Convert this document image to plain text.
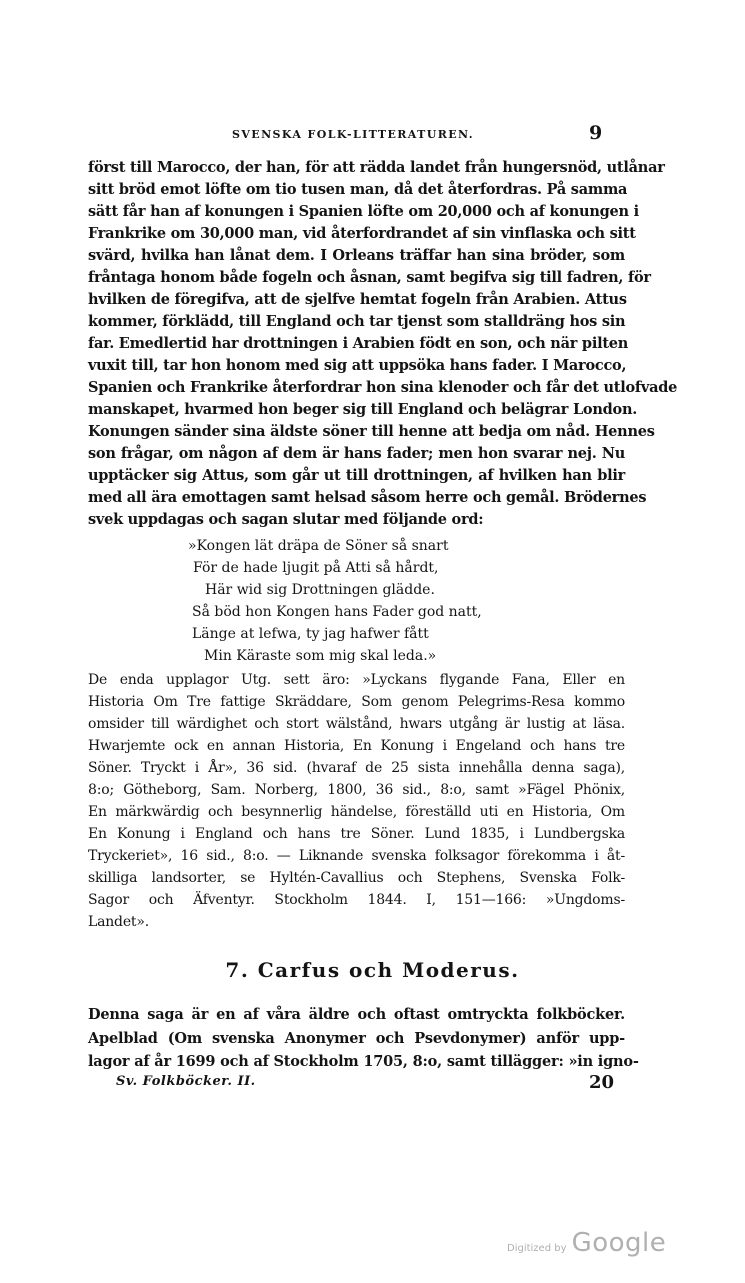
SVENSKA FOLK-LITTERATUREN.	9
först till Marocco, der han, för att rädda landet från hungersnöd, utlånar
sitt bröd emot löfte om tio tusen man, då det återfordras. På samma
sätt får han af konungen i Spanien löfte om 20,000 och af konungen i
Frankrike om 30,000 man, vid återfordrandet af sin vinflaska och sitt
svärd, hvilka han lånat dem. I Orleans träffar han sina bröder, som
fråntaga honom både fogeln och åsnan, samt begifva sig till fadren, för
hvilken de föregifva, att de sjelfve hemtat fogeln från Arabien. Attus
kommer, förklädd, till England och tar tjenst som stalldräng hos sin
far. Emedlertid har drottningen i Arabien födt en son, och när pilten
vuxit till, tar hon honom med sig att uppsöka hans fader. I Marocco,
Spanien och Frankrike återfordrar hon sina klenoder och får det utlofvade
manskapet, hvarmed hon beger sig till England och belägrar London.
Konungen sänder sina äldste söner till henne att bedja om nåd. Hennes
son frågar, om någon af dem är hans fader; men hon svarar nej. Nu
upptäcker sig Attus, som går ut till drottningen, af hvilken han blir
med all ära emottagen samt helsad såsom herre och gemål. Brödernes
svek uppdagas och sagan slutar med följande ord:
»Kongen lät dräpa de Söner så snart
För de hade ljugit på Atti så hårdt,
Här wid sig Drottningen glädde.
Så böd hon Kongen hans Fader god natt,
Länge at lefwa, ty jag hafwer fått
Min Käraste som mig skal leda.»
De enda upplagor Utg. sett äro: »Lyckans flygande Fana, Eller en
Historia Om Tre fattige Skräddare, Som genom Pelegrims-Resa kommo
omsider till wärdighet och stort wälstånd, hwars utgång är lustig at läsa.
Hwarjemte ock en annan Historia, En Konung i Engeland och hans tre
Söner. Tryckt i År», 36 sid. (hvaraf de 25 sista innehålla denna saga),
8:o; Götheborg, Sam. Norberg, 1800, 36 sid., 8:o, samt »Fägel Phönix,
En märkwärdig och besynnerlig händelse, föreställd uti en Historia, Om
En Konung i England och hans tre Söner. Lund 1835, i Lundbergska
Tryckeriet», 16 sid., 8:o. — Liknande svenska folksagor förekomma i åt-
skilliga landsorter, se Hyltén-Cavallius och Stephens, Svenska Folk-
Sagor och Äfventyr. Stockholm 1844. I, 151—166: »Ungdoms-
Landet».
7. Carfus och Moderus.
Denna saga är en af våra äldre och oftast omtryckta folkböcker.
Apelblad (Om svenska Anonymer och Psevdonymer) anför upp-
lagor af år 1699 och af Stockholm 1705, 8:o, samt tillägger: »in igno-
Sv. Folkböcker. II.	20
Digitized by Google
